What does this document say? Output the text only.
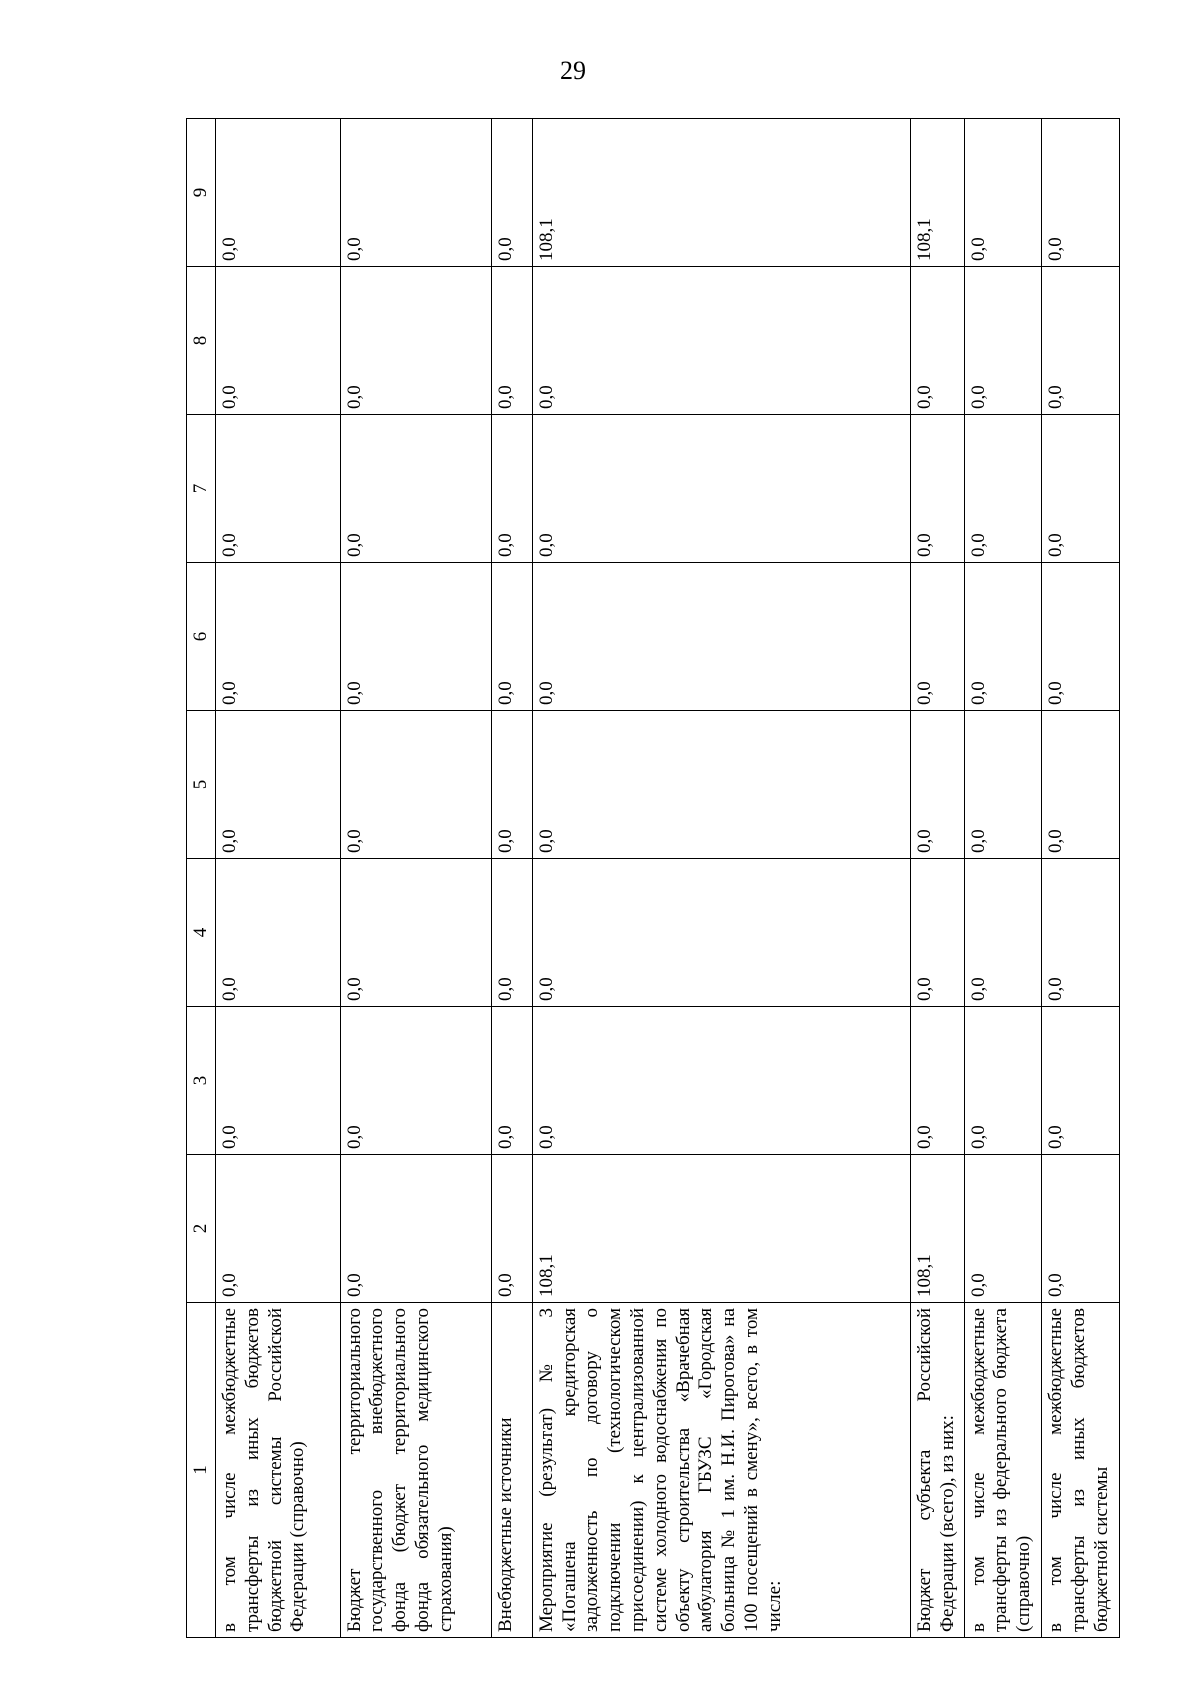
29
1	2	3	4	5	6	7	8	9
в том числе межбюджетные трансферты из иных бюджетов бюджетной системы Российской Федерации (справочно)	0,0	0,0	0,0	0,0	0,0	0,0	0,0	0,0
Бюджет территориального государственного внебюджетного фонда (бюджет территориального фонда обязательного медицинского страхования)	0,0	0,0	0,0	0,0	0,0	0,0	0,0	0,0
Внебюджетные источники	0,0	0,0	0,0	0,0	0,0	0,0	0,0	0,0
Мероприятие (результат) № 3 «Погашена кредиторская задолженность по договору о подключении (технологическом присоединении) к централизованной системе холодного водоснабжения по объекту строительства «Врачебная амбулатория ГБУЗС «Городская больница № 1 им. Н.И. Пирогова» на 100 посещений в смену», всего, в том числе:	108,1	0,0	0,0	0,0	0,0	0,0	0,0	108,1
Бюджет субъекта Российской Федерации (всего), из них:	108,1	0,0	0,0	0,0	0,0	0,0	0,0	108,1
в том числе межбюджетные трансферты из федерального бюджета (справочно)	0,0	0,0	0,0	0,0	0,0	0,0	0,0	0,0
в том числе межбюджетные трансферты из иных бюджетов бюджетной системы	0,0	0,0	0,0	0,0	0,0	0,0	0,0	0,0
